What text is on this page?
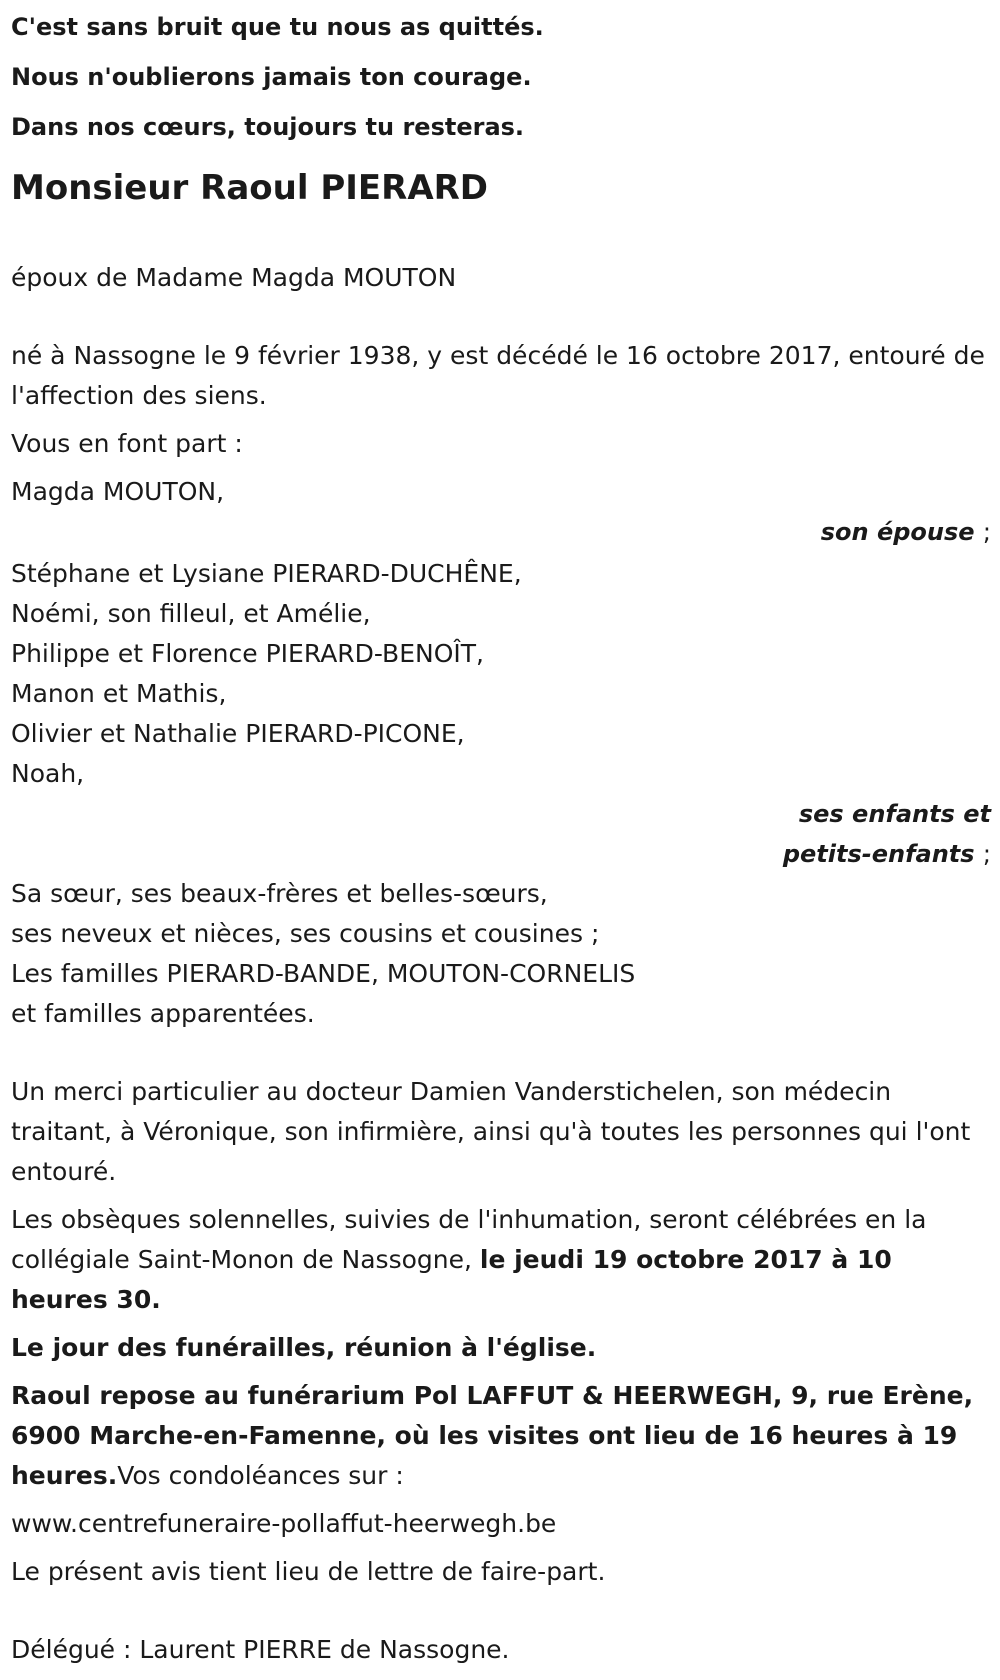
C'est sans bruit que tu nous as quittés.

Nous n'oublierons jamais ton courage.

Dans nos cœurs, toujours tu resteras.

Monsieur Raoul PIERARD

époux de Madame Magda MOUTON

né à Nassogne le 9 février 1938, y est décédé le 16 octobre 2017, entouré de l'affection des siens.

Vous en font part :

Magda MOUTON,

son épouse ;

Stéphane et Lysiane PIERARD-DUCHÊNE,

Noémi, son filleul, et Amélie,

Philippe et Florence PIERARD-BENOÎT,

Manon et Mathis,

Olivier et Nathalie PIERARD-PICONE,

Noah,

ses enfants et

petits-enfants ;

Sa sœur, ses beaux-frères et belles-sœurs,

ses neveux et nièces, ses cousins et cousines ;

Les familles PIERARD-BANDE, MOUTON-CORNELIS

et familles apparentées.

Un merci particulier au docteur Damien Vanderstichelen, son médecin traitant, à Véronique, son infirmière, ainsi qu'à toutes les personnes qui l'ont entouré.

Les obsèques solennelles, suivies de l'inhumation, seront célébrées en la collégiale Saint-Monon de Nassogne, le jeudi 19 octobre 2017 à 10 heures 30.

Le jour des funérailles, réunion à l'église.

Raoul repose au funérarium Pol LAFFUT & HEERWEGH, 9, rue Erène, 6900 Marche-en-Famenne, où les visites ont lieu de 16 heures à 19 heures.Vos condoléances sur :

www.centrefuneraire-pollaffut-heerwegh.be

Le présent avis tient lieu de lettre de faire-part.

Délégué : Laurent PIERRE de Nassogne.
